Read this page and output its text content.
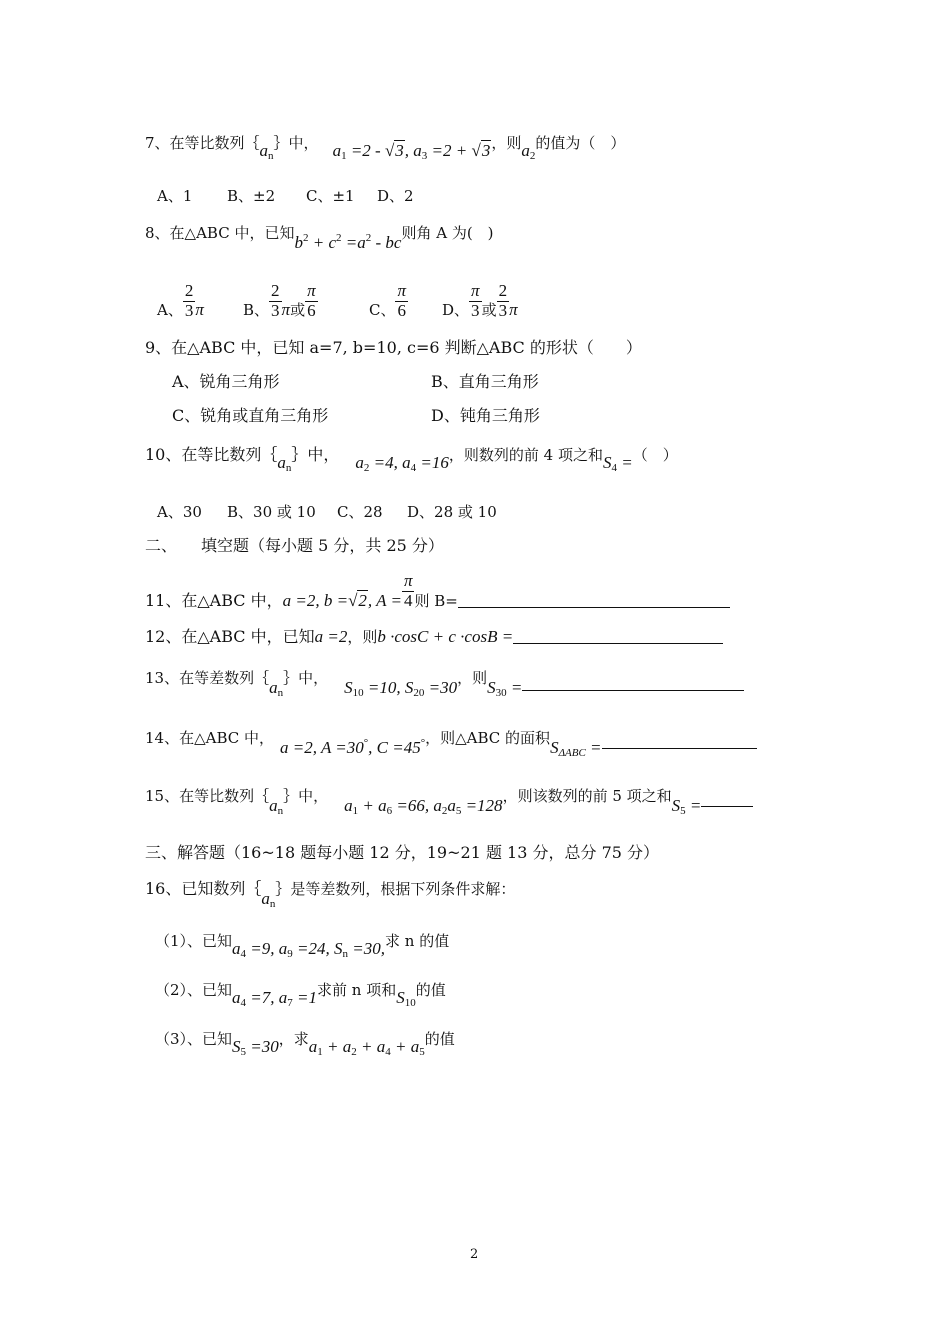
7、在等比数列｛an｝中， a1 =2 - √3, a3 =2 + √3，则a2的值为（　）
A、1 B、±2 C、±1 D、2
8、在△ABC 中，已知$b^2 + c^2 =a^2$ - bc则角 A 为(　)
A、 $\frac{2}{3}$ π	B、 $\frac{2}{3}$ π或 $\frac{\pi}{6}$	C、 $\frac{\pi}{6}$ D、 $\frac{\pi}{3}$ 或 $\frac{2}{3}$ π
9、在△ABC 中，已知 a=7, b=10, c=6 判断△ABC 的形状（　　）
A、锐角三角形	B、直角三角形
C、锐角或直角三角形	D、钝角三角形
10、在等比数列｛an｝中， a2 =4, a4 =16，则数列的前 4 项之和S4 =（　）
A、30 B、30 或 10 C、28 D、28 或 10
二、　　填空题（每小题 5 分，共 25 分）
11、在△ABC 中，a =2, b =√2, $A = \frac{\pi}{4}$ 则 B=
12、在△ABC 中，已知a =2，则b ·cosC + c ·cosB =
13、在等差数列｛an｝中， S10 =10, S20 =30，则S30 =
14、在△ABC 中， a =2, A =30°, C =45°，则△ABC 的面积SΔABC =
15、在等比数列｛an｝中， a1 + a6 =66, a2a5 =128，则该数列的前 5 项之和S5 =
三、解答题（16~18 题每小题 12 分，19~21 题 13 分，总分 75 分）
16、已知数列｛an｝是等差数列，根据下列条件求解：
（1）、已知a4 =9, a9 =24, Sn =30,求 n 的值
（2）、已知a4 =7, a7 =1求前 n 项和S10的值
（3）、已知S5 =30，求a1 + a2 + a4 + a5的值
2
